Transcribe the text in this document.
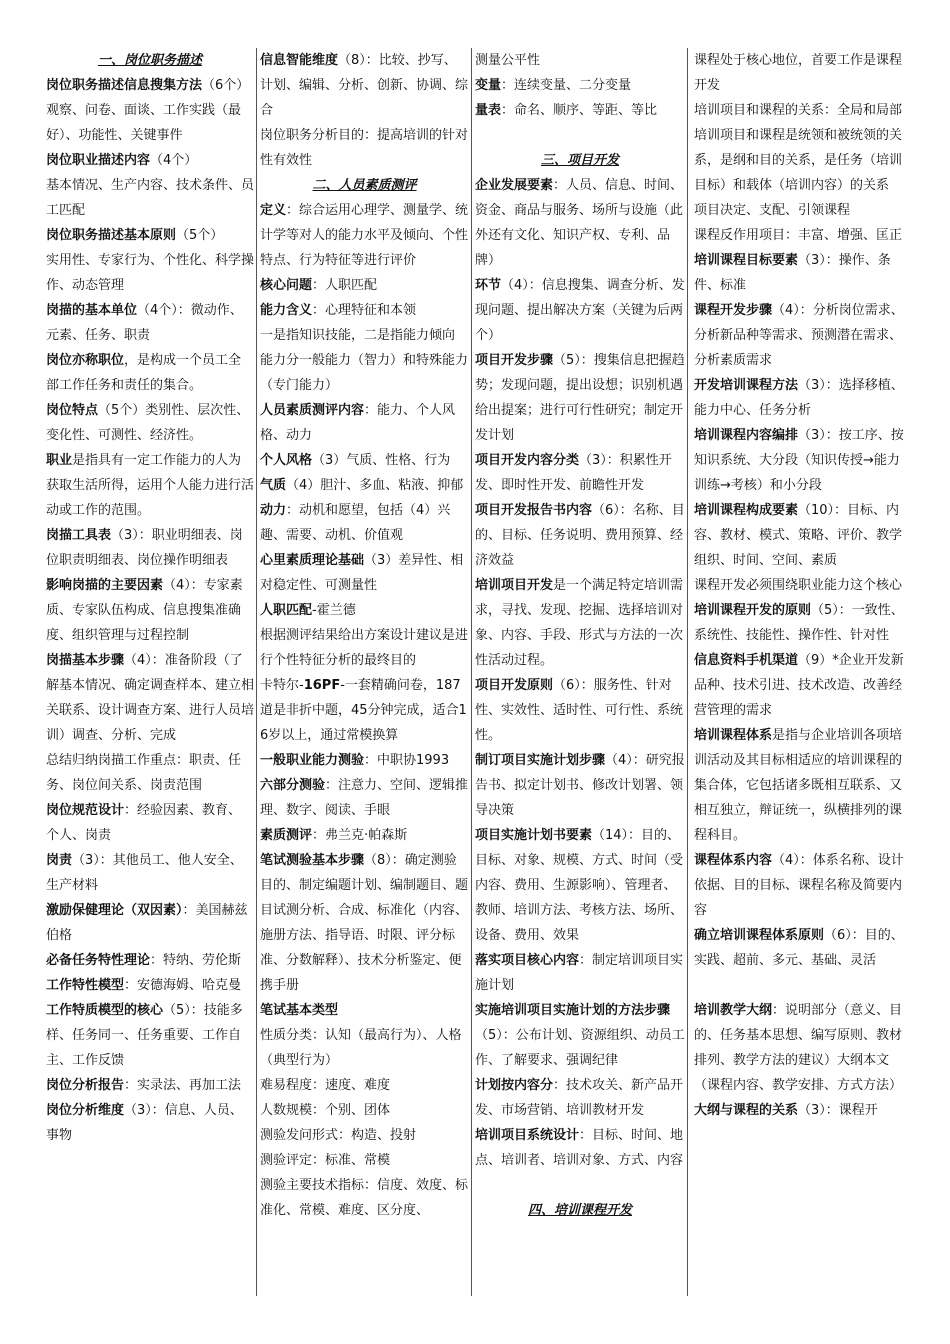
一、岗位职务描述
岗位职务描述信息搜集方法（6个）
观察、问卷、面谈、工作实践（最好）、功能性、关键事件
岗位职业描述内容（4个）
基本情况、生产内容、技术条件、员工匹配
岗位职务描述基本原则（5个）
实用性、专家行为、个性化、科学操作、动态管理
岗描的基本单位（4个）：微动作、元素、任务、职责
岗位亦称职位，是构成一个员工全部工作任务和责任的集合。
岗位特点（5个）类别性、层次性、变化性、可测性、经济性。
职业是指具有一定工作能力的人为获取生活所得，运用个人能力进行活动或工作的范围。
岗描工具表（3）：职业明细表、岗位职责明细表、岗位操作明细表
影响岗描的主要因素（4）：专家素质、专家队伍构成、信息搜集准确度、组织管理与过程控制
岗描基本步骤（4）：准备阶段（了解基本情况、确定调查样本、建立相关联系、设计调查方案、进行人员培训）调查、分析、完成
总结归纳岗描工作重点：职责、任务、岗位间关系、岗责范围
岗位规范设计：经验因素、教育、个人、岗责
岗责（3）：其他员工、他人安全、生产材料
激励保健理论（双因素）：美国赫兹伯格
必备任务特性理论：特纳、劳伦斯
工作特性模型：安德海姆、哈克曼
工作特质模型的核心（5）：技能多样、任务同一、任务重要、工作自主、工作反馈
岗位分析报告：实录法、再加工法
岗位分析维度（3）：信息、人员、事物
信息智能维度（8）：比较、抄写、计划、编辑、分析、创新、协调、综合
岗位职务分析目的：提高培训的针对性有效性
二、人员素质测评
定义：综合运用心理学、测量学、统计学等对人的能力水平及倾向、个性特点、行为特征等进行评价
核心问题：人职匹配
能力含义：心理特征和本领
一是指知识技能，二是指能力倾向
能力分一般能力（智力）和特殊能力（专门能力）
人员素质测评内容：能力、个人风格、动力
个人风格（3）气质、性格、行为
气质（4）胆汁、多血、粘液、抑郁
动力：动机和愿望，包括（4）兴趣、需要、动机、价值观
心里素质理论基础（3）差异性、相对稳定性、可测量性
人职匹配-霍兰德
根据测评结果给出方案设计建议是进行个性特征分析的最终目的
卡特尔-16PF-一套精确问卷，187道是非折中题，45分钟完成，适合16岁以上，通过常模换算
一般职业能力测验：中职协1993
六部分测验：注意力、空间、逻辑推理、数字、阅读、手眼
素质测评：弗兰克·帕森斯
笔试测验基本步骤（8）：确定测验目的、制定编题计划、编制题目、题目试测分析、合成、标准化（内容、施册方法、指导语、时限、评分标准、分数解释）、技术分析鉴定、便携手册
笔试基本类型
性质分类：认知（最高行为）、人格（典型行为）
难易程度：速度、难度
人数规模：个别、团体
测验发问形式：构造、投射
测验评定：标准、常模
测验主要技术指标：信度、效度、标准化、常模、难度、区分度、
测量公平性
变量：连续变量、二分变量
量表：命名、顺序、等距、等比
三、项目开发
企业发展要素：人员、信息、时间、资金、商品与服务、场所与设施（此外还有文化、知识产权、专利、品牌）
环节（4）：信息搜集、调查分析、发现问题、提出解决方案（关键为后两个）
项目开发步骤（5）：搜集信息把握趋势；发现问题，提出设想；识别机遇给出提案；进行可行性研究；制定开发计划
项目开发内容分类（3）：积累性开发、即时性开发、前瞻性开发
项目开发报告书内容（6）：名称、目的、目标、任务说明、费用预算、经济效益
培训项目开发是一个满足特定培训需求，寻找、发现、挖掘、选择培训对象、内容、手段、形式与方法的一次性活动过程。
项目开发原则（6）：服务性、针对性、实效性、适时性、可行性、系统性。
制订项目实施计划步骤（4）：研究报告书、拟定计划书、修改计划署、领导决策
项目实施计划书要素（14）：目的、目标、对象、规模、方式、时间（受内容、费用、生源影响）、管理者、教师、培训方法、考核方法、场所、设备、费用、效果
落实项目核心内容：制定培训项目实施计划
实施培训项目实施计划的方法步骤（5）：公布计划、资源组织、动员工作、了解要求、强调纪律
计划按内容分：技术攻关、新产品开发、市场营销、培训教材开发
培训项目系统设计：目标、时间、地点、培训者、培训对象、方式、内容
四、培训课程开发
课程处于核心地位，首要工作是课程开发
培训项目和课程的关系：全局和局部
培训项目和课程是统领和被统领的关系，是纲和目的关系，是任务（培训目标）和载体（培训内容）的关系
项目决定、支配、引领课程
课程反作用项目：丰富、增强、匡正
培训课程目标要素（3）：操作、条件、标准
课程开发步骤（4）：分析岗位需求、分析新品种等需求、预测潜在需求、分析素质需求
开发培训课程方法（3）：选择移植、能力中心、任务分析
培训课程内容编排（3）：按工序、按知识系统、大分段（知识传授→能力训练→考核）和小分段
培训课程构成要素（10）：目标、内容、教材、模式、策略、评价、教学组织、时间、空间、素质
课程开发必须围绕职业能力这个核心
培训课程开发的原则（5）：一致性、系统性、技能性、操作性、针对性
信息资料手机渠道（9）*企业开发新品种、技术引进、技术改造、改善经营管理的需求
培训课程体系是指与企业培训各项培训活动及其目标相适应的培训课程的集合体，它包括诸多既相互联系、又相互独立，辩证统一，纵横排列的课程科目。
课程体系内容（4）：体系名称、设计依据、目的目标、课程名称及简要内容
确立培训课程体系原则（6）：目的、实践、超前、多元、基础、灵活
培训教学大纲：说明部分（意义、目的、任务基本思想、编写原则、教材排列、教学方法的建议）大纲本文（课程内容、教学安排、方式方法）
大纲与课程的关系（3）：课程开
